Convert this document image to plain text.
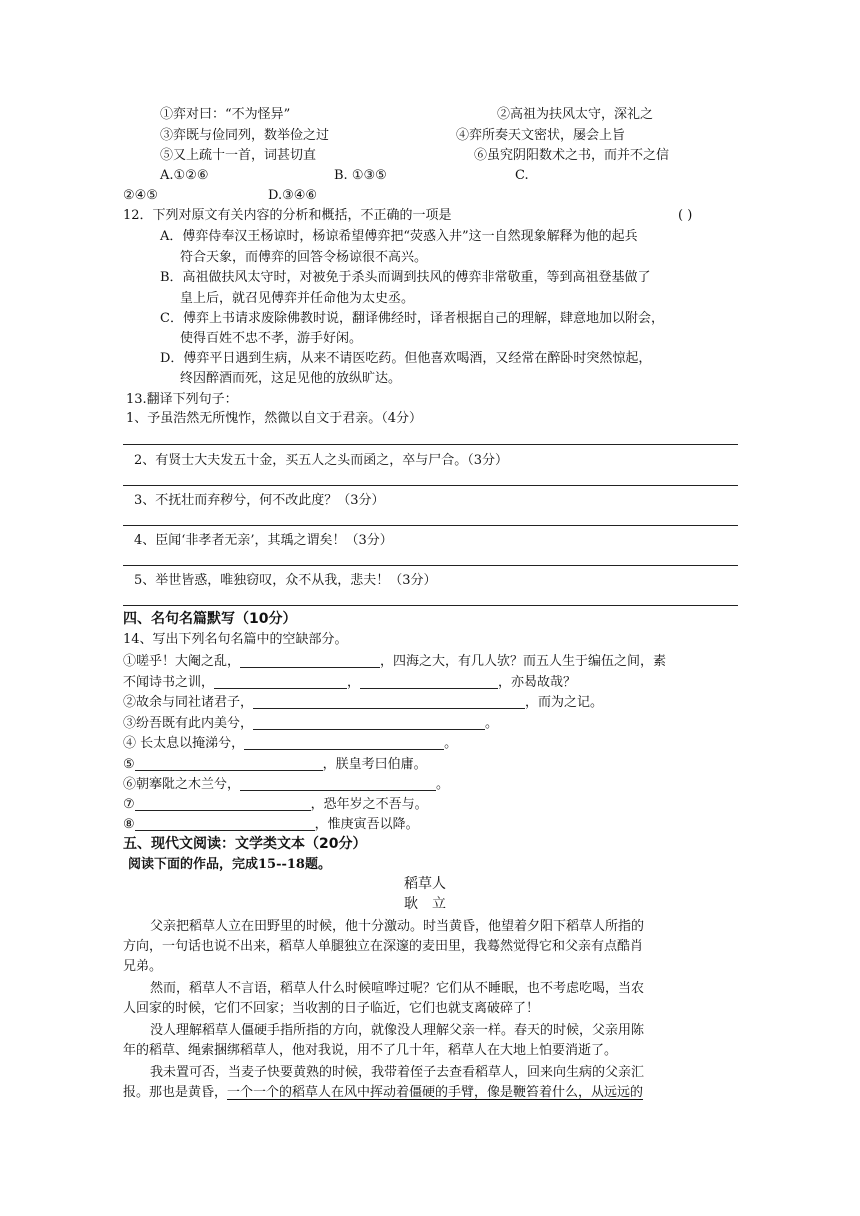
①弈对曰：“不为怪异”	②高祖为扶风太守，深礼之
③弈既与俭同列，数举俭之过	④弈所奏天文密状，屡会上旨
⑤又上疏十一首，词甚切直	⑥虽究阴阳数术之书，而并不之信
A.①②⑥	B. ①③⑤	C.
②④⑤	D.③④⑥
12．下列对原文有关内容的分析和概括，不正确的一项是	( )
A．傅弈侍奉汉王杨谅时，杨谅希望傅弈把“荧惑入井”这一自然现象解释为他的起兵
符合天象，而傅弈的回答令杨谅很不高兴。
B．高祖做扶风太守时，对被免于杀头而调到扶风的傅弈非常敬重，等到高祖登基做了
皇上后，就召见傅弈并任命他为太史丞。
C．傅弈上书请求废除佛教时说，翻译佛经时，译者根据自己的理解，肆意地加以附会，
使得百姓不忠不孝，游手好闲。
D．傅弈平日遇到生病，从来不请医吃药。但他喜欢喝酒，又经常在醉卧时突然惊起，
终因醉酒而死，这足见他的放纵旷达。
13.翻译下列句子：
1、予虽浩然无所愧怍，然微以自文于君亲。（4分）
2、有贤士大夫发五十金，买五人之头而函之，卒与尸合。（3分）
3、不抚壮而弃秽兮，何不改此度？（3分）
4、臣闻‘非孝者无亲’，其瑀之谓矣！（3分）
5、举世皆惑，唯独窃叹，众不从我，悲夫！（3分）
四、名句名篇默写（10分）
14、写出下列名句名篇中的空缺部分。
①嗟乎！大阉之乱，	，四海之大，有几人欤？而五人生于编伍之间，素
不闻诗书之训，	，	，亦曷故哉？
②故余与同社诸君子，	，而为之记。
③纷吾既有此内美兮，	。
④ 长太息以掩涕兮，	。
⑤	，朕皇考曰伯庸。
⑥朝搴阰之木兰兮，	。
⑦	，恐年岁之不吾与。
⑧	，惟庚寅吾以降。
五、现代文阅读：文学类文本（20分）
阅读下面的作品，完成15--18题。
稻草人
耿　立
父亲把稻草人立在田野里的时候，他十分激动。时当黄昏，他望着夕阳下稻草人所指的
方向，一句话也说不出来，稻草人单腿独立在深邃的麦田里，我蓦然觉得它和父亲有点酷肖
兄弟。
然而，稻草人不言语，稻草人什么时候喧哗过呢？它们从不睡眠，也不考虑吃喝，当农
人回家的时候，它们不回家；当收割的日子临近，它们也就支离破碎了！
没人理解稻草人僵硬手指所指的方向，就像没人理解父亲一样。春天的时候，父亲用陈
年的稻草、绳索捆绑稻草人，他对我说，用不了几十年，稻草人在大地上怕要消逝了。
我未置可否，当麦子快要黄熟的时候，我带着侄子去查看稻草人，回来向生病的父亲汇
报。那也是黄昏，一个一个的稻草人在风中挥动着僵硬的手臂，像是鞭笞着什么，从远远的
